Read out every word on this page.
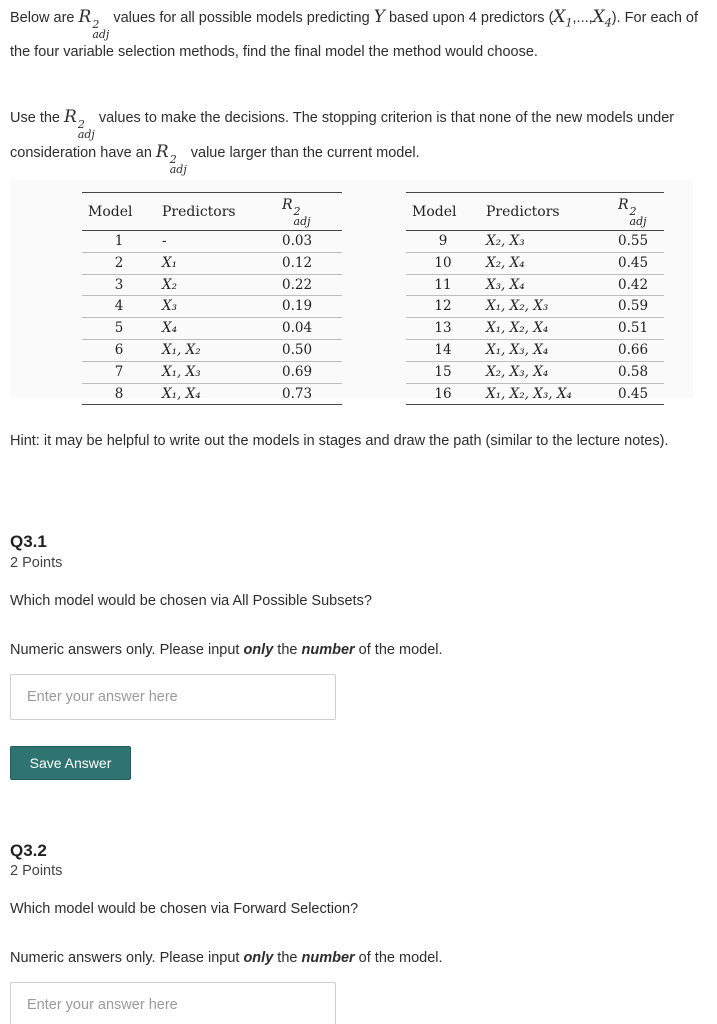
Below are R 2
adj
values for all possible models predicting Y based upon 4 predictors $(X_1,...,X_4)$. For each of the four variable selection methods, find the final model the method would choose.
Use the R 2
adj
values to make the decisions. The stopping criterion is that none of the new models under consideration have an R 2
adj
value larger than the current model.
Model	Predictors	R 2
adj		Model	Predictors	R 2
adj

1	-	0.03		9	X₂, X₃	0.55
2	X₁	0.12		10	X₂, X₄	0.45
3	X₂	0.22		11	X₃, X₄	0.42
4	X₃	0.19		12	X₁, X₂, X₃	0.59
5	X₄	0.04		13	X₁, X₂, X₄	0.51
6	X₁, X₂	0.50		14	X₁, X₃, X₄	0.66
7	X₁, X₃	0.69		15	X₂, X₃, X₄	0.58
8	X₁, X₄	0.73		16	X₁, X₂, X₃, X₄	0.45
Hint: it may be helpful to write out the models in stages and draw the path (similar to the lecture notes).
Q3.1
2 Points
Which model would be chosen via All Possible Subsets?
Numeric answers only. Please input only the number of the model.
Enter your answer here
Save Answer
Q3.2
2 Points
Which model would be chosen via Forward Selection?
Numeric answers only. Please input only the number of the model.
Enter your answer here
